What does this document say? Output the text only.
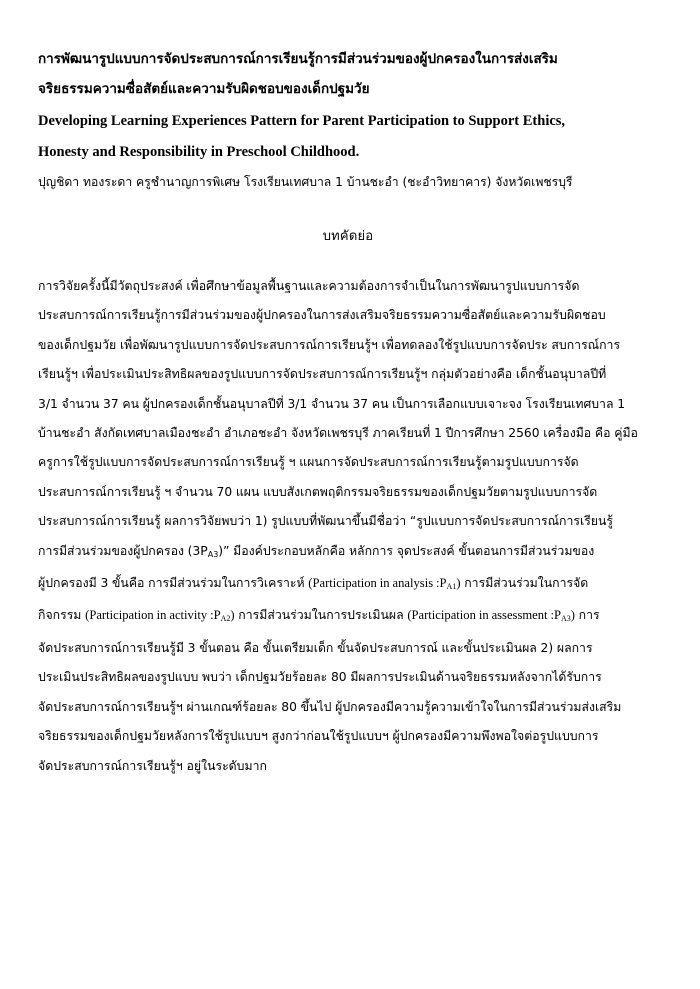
การพัฒนารูปแบบการจัดประสบการณ์การเรียนรู้การมีส่วนร่วมของผู้ปกครองในการส่งเสริม
จริยธรรมความซื่อสัตย์และความรับผิดชอบของเด็กปฐมวัย
Developing Learning Experiences Pattern for Parent Participation to Support Ethics,
Honesty and Responsibility in Preschool Childhood.
ปุญชิดา ทองระดา ครูชำนาญการพิเศษ โรงเรียนเทศบาล 1 บ้านชะอำ (ชะอำวิทยาคาร) จังหวัดเพชรบุรี
บทคัดย่อ
การวิจัยครั้งนี้มีวัตถุประสงค์ เพื่อศึกษาข้อมูลพื้นฐานและความต้องการจำเป็นในการพัฒนารูปแบบการจัด
ประสบการณ์การเรียนรู้การมีส่วนร่วมของผู้ปกครองในการส่งเสริมจริยธรรมความซื่อสัตย์และความรับผิดชอบ
ของเด็กปฐมวัย เพื่อพัฒนารูปแบบการจัดประสบการณ์การเรียนรู้ฯ เพื่อทดลองใช้รูปแบบการจัดประ สบการณ์การ
เรียนรู้ฯ เพื่อประเมินประสิทธิผลของรูปแบบการจัดประสบการณ์การเรียนรู้ฯ กลุ่มตัวอย่างคือ เด็กชั้นอนุบาลปีที่
3/1 จำนวน 37 คน ผู้ปกครองเด็กชั้นอนุบาลปีที่ 3/1 จำนวน 37 คน เป็นการเลือกแบบเจาะจง โรงเรียนเทศบาล 1
บ้านชะอำ สังกัดเทศบาลเมืองชะอำ อำเภอชะอำ จังหวัดเพชรบุรี ภาคเรียนที่ 1 ปีการศึกษา 2560 เครื่องมือ คือ คู่มือ
ครูการใช้รูปแบบการจัดประสบการณ์การเรียนรู้ ฯ แผนการจัดประสบการณ์การเรียนรู้ตามรูปแบบการจัด
ประสบการณ์การเรียนรู้ ฯ จำนวน 70 แผน แบบสังเกตพฤติกรรมจริยธรรมของเด็กปฐมวัยตามรูปแบบการจัด
ประสบการณ์การเรียนรู้ ผลการวิจัยพบว่า 1) รูปแบบที่พัฒนาขึ้นมีชื่อว่า “รูปแบบการจัดประสบการณ์การเรียนรู้
การมีส่วนร่วมของผู้ปกครอง $(3P_{A3})$” มีองค์ประกอบหลักคือ หลักการ จุดประสงค์ ขั้นตอนการมีส่วนร่วมของ
ผู้ปกครองมี 3 ขั้นคือ การมีส่วนร่วมในการวิเคราะห์ (Participation in analysis $:P_{A1}$) การมีส่วนร่วมในการจัด
กิจกรรม (Participation in activity $:P_{A2}$) การมีส่วนร่วมในการประเมินผล (Participation in assessment $:P_{A3}$) การ
จัดประสบการณ์การเรียนรู้มี 3 ขั้นตอน คือ ขั้นเตรียมเด็ก ขั้นจัดประสบการณ์ และขั้นประเมินผล 2) ผลการ
ประเมินประสิทธิผลของรูปแบบ พบว่า เด็กปฐมวัยร้อยละ 80 มีผลการประเมินด้านจริยธรรมหลังจากได้รับการ
จัดประสบการณ์การเรียนรู้ฯ ผ่านเกณฑ์ร้อยละ 80 ขึ้นไป ผู้ปกครองมีความรู้ความเข้าใจในการมีส่วนร่วมส่งเสริม
จริยธรรมของเด็กปฐมวัยหลังการใช้รูปแบบฯ สูงกว่าก่อนใช้รูปแบบฯ ผู้ปกครองมีความพึงพอใจต่อรูปแบบการ
จัดประสบการณ์การเรียนรู้ฯ อยู่ในระดับมาก
